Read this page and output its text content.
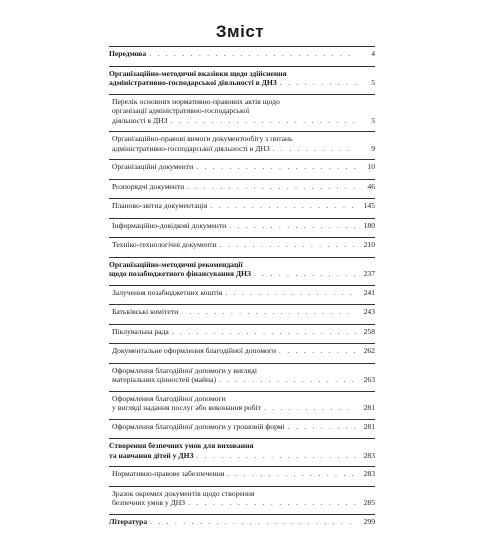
Зміст
Передмова . . .	4
Організаційно-методичні вказівки щодо здійснення
адміністративно-господарської діяльності в ДНЗ . . .	5
Перелік основних нормативно-правових актів щодо
організації адміністративно-господарської
діяльності в ДНЗ . . .	5
Організаційно-правові вимоги документообігу з питань
адміністративно-господарської діяльності в ДНЗ . . .	9
Організаційні документи . . .	10
Розпорядчі документи . . .	46
Планово-звітна документація . . .	145
Інформаційно-довідкові документи . . .	180
Техніко-технологічні документи . . .	210
Організаційно-методичні рекомендації
щодо позабюджетного фінансування ДНЗ . . .	237
Залучення позабюджетних коштів . . .	241
Батьківські комітети . . .	243
Піклувальна рада . . .	258
Документальне оформлення благодійної допомоги . . .	262
Оформлення благодійної допомоги у вигляді
матеріальних цінностей (майна) . . .	263
Оформлення благодійної допомоги
у вигляді надання послуг або виконання робіт . . .	281
Оформлення благодійної допомоги у грошовій формі . . .	281
Створення безпечних умов для виховання
та навчання дітей у ДНЗ . . .	283
Нормативно-правове забезпечення . . .	283
Зразок окремих документів щодо створення
безпечних умов у ДНЗ . . .	285
Література . . .	299
